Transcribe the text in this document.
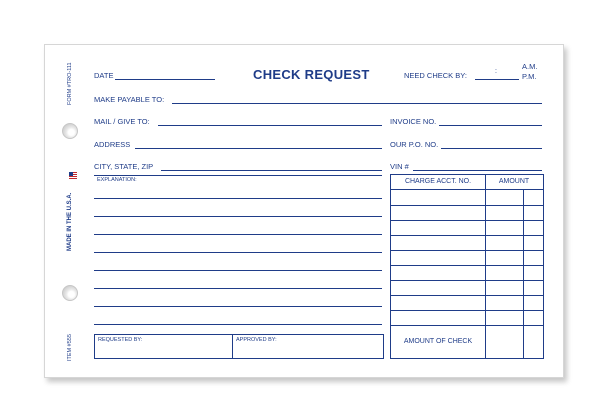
FORM #TRO-111
MADE IN THE U.S.A.
ITEM #555
DATE	CHECK REQUEST	NEED CHECK BY:	:
A.M.
P.M.
MAKE PAYABLE TO:
MAIL / GIVE TO:	INVOICE NO.
ADDRESS	OUR P.O. NO.
CITY, STATE, ZIP	VIN #
EXPLANATION:
REQUESTED BY:	APPROVED BY:
CHARGE ACCT. NO.	AMOUNT
AMOUNT OF CHECK
